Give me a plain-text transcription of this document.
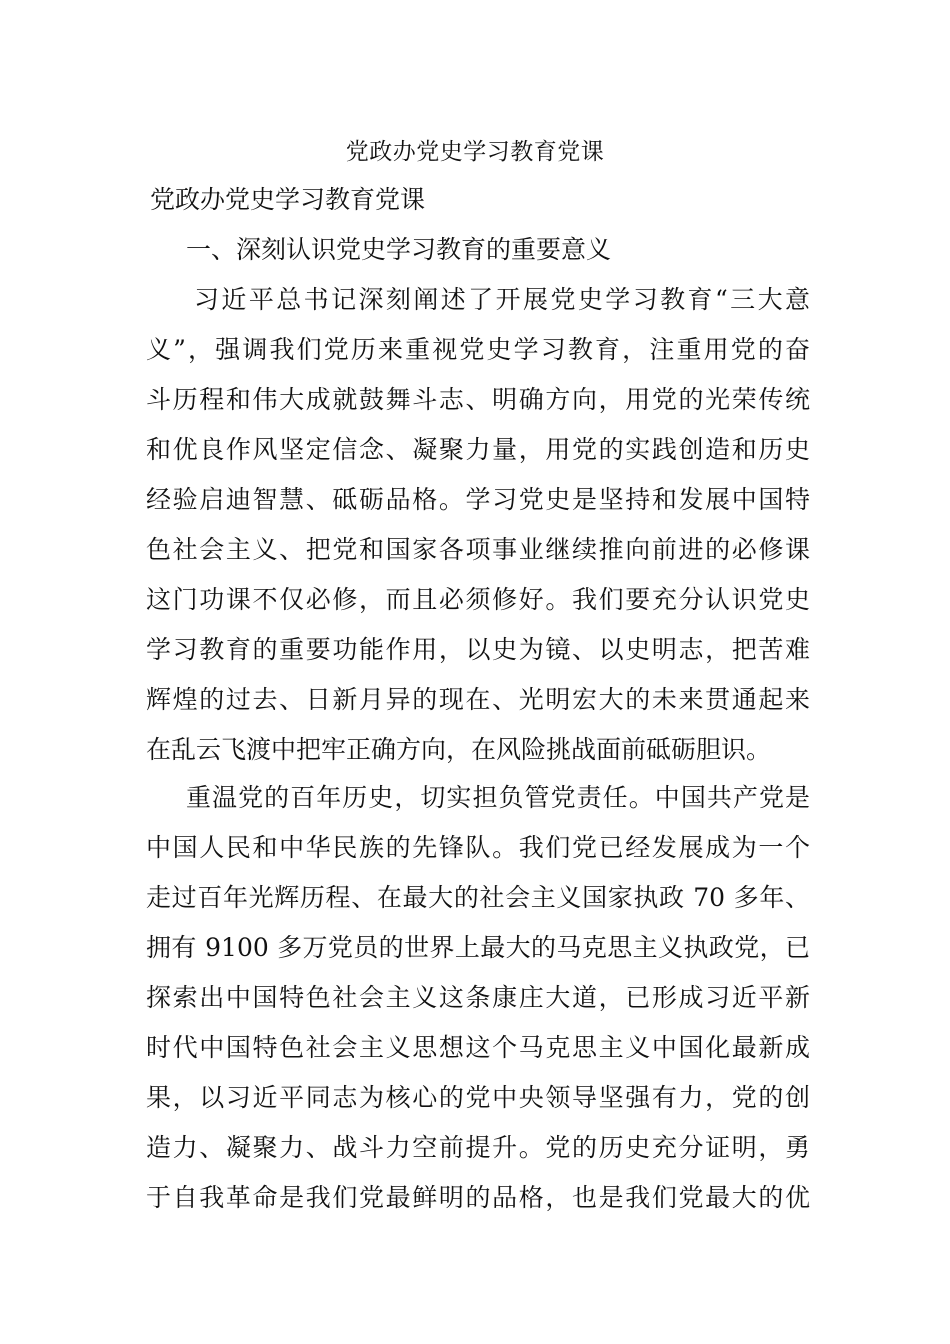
党政办党史学习教育党课

党政办党史学习教育党课

一、深刻认识党史学习教育的重要意义
习近平总书记深刻阐述了开展党史学习教育“三大意
义”，强调我们党历来重视党史学习教育，注重用党的奋
斗历程和伟大成就鼓舞斗志、明确方向，用党的光荣传统
和优良作风坚定信念、凝聚力量，用党的实践创造和历史
经验启迪智慧、砥砺品格。学习党史是坚持和发展中国特
色社会主义、把党和国家各项事业继续推向前进的必修课
这门功课不仅必修，而且必须修好。我们要充分认识党史
学习教育的重要功能作用，以史为镜、以史明志，把苦难
辉煌的过去、日新月异的现在、光明宏大的未来贯通起来
在乱云飞渡中把牢正确方向，在风险挑战面前砥砺胆识。
重温党的百年历史，切实担负管党责任。中国共产党是
中国人民和中华民族的先锋队。我们党已经发展成为一个
走过百年光辉历程、在最大的社会主义国家执政 70 多年、
拥有 9100 多万党员的世界上最大的马克思主义执政党，已
探索出中国特色社会主义这条康庄大道，已形成习近平新
时代中国特色社会主义思想这个马克思主义中国化最新成
果，以习近平同志为核心的党中央领导坚强有力，党的创
造力、凝聚力、战斗力空前提升。党的历史充分证明，勇
于自我革命是我们党最鲜明的品格，也是我们党最大的优
